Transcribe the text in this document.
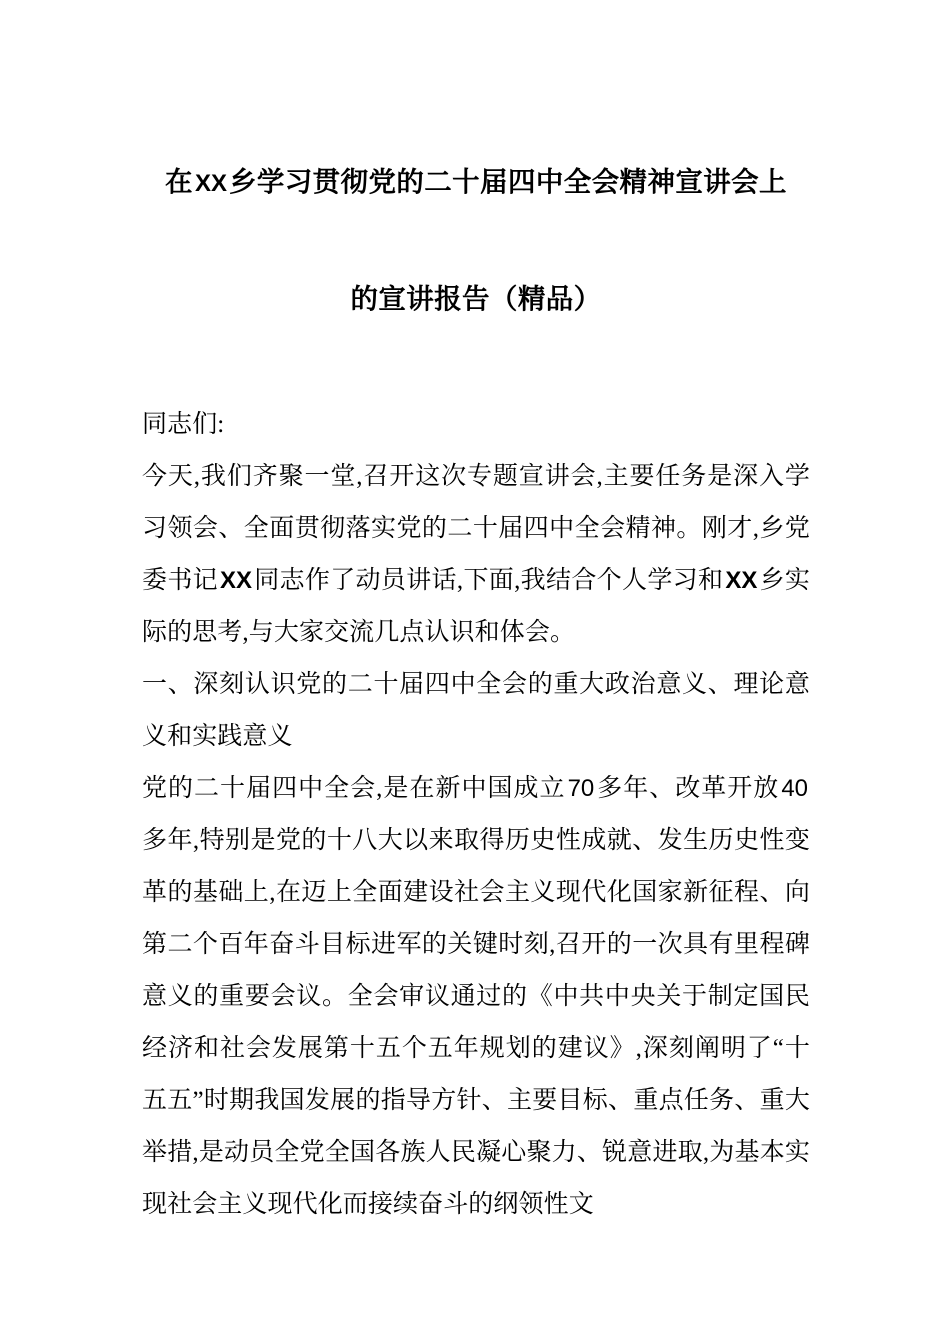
在XX乡学习贯彻党的二十届四中全会精神宣讲会上
的宣讲报告（精品）

同志们:

今天,我们齐聚一堂,召开这次专题宣讲会,主要任务是深入学习领会、全面贯彻落实党的二十届四中全会精神。刚才,乡党委书记XX同志作了动员讲话,下面,我结合个人学习和XX乡实际的思考,与大家交流几点认识和体会。

一、深刻认识党的二十届四中全会的重大政治意义、理论意义和实践意义

党的二十届四中全会,是在新中国成立70多年、改革开放40多年,特别是党的十八大以来取得历史性成就、发生历史性变革的基础上,在迈上全面建设社会主义现代化国家新征程、向第二个百年奋斗目标进军的关键时刻,召开的一次具有里程碑意义的重要会议。全会审议通过的《中共中央关于制定国民经济和社会发展第十五个五年规划的建议》,深刻阐明了“十五五”时期我国发展的指导方针、主要目标、重点任务、重大举措,是动员全党全国各族人民凝心聚力、锐意进取,为基本实现社会主义现代化而接续奋斗的纲领性文
